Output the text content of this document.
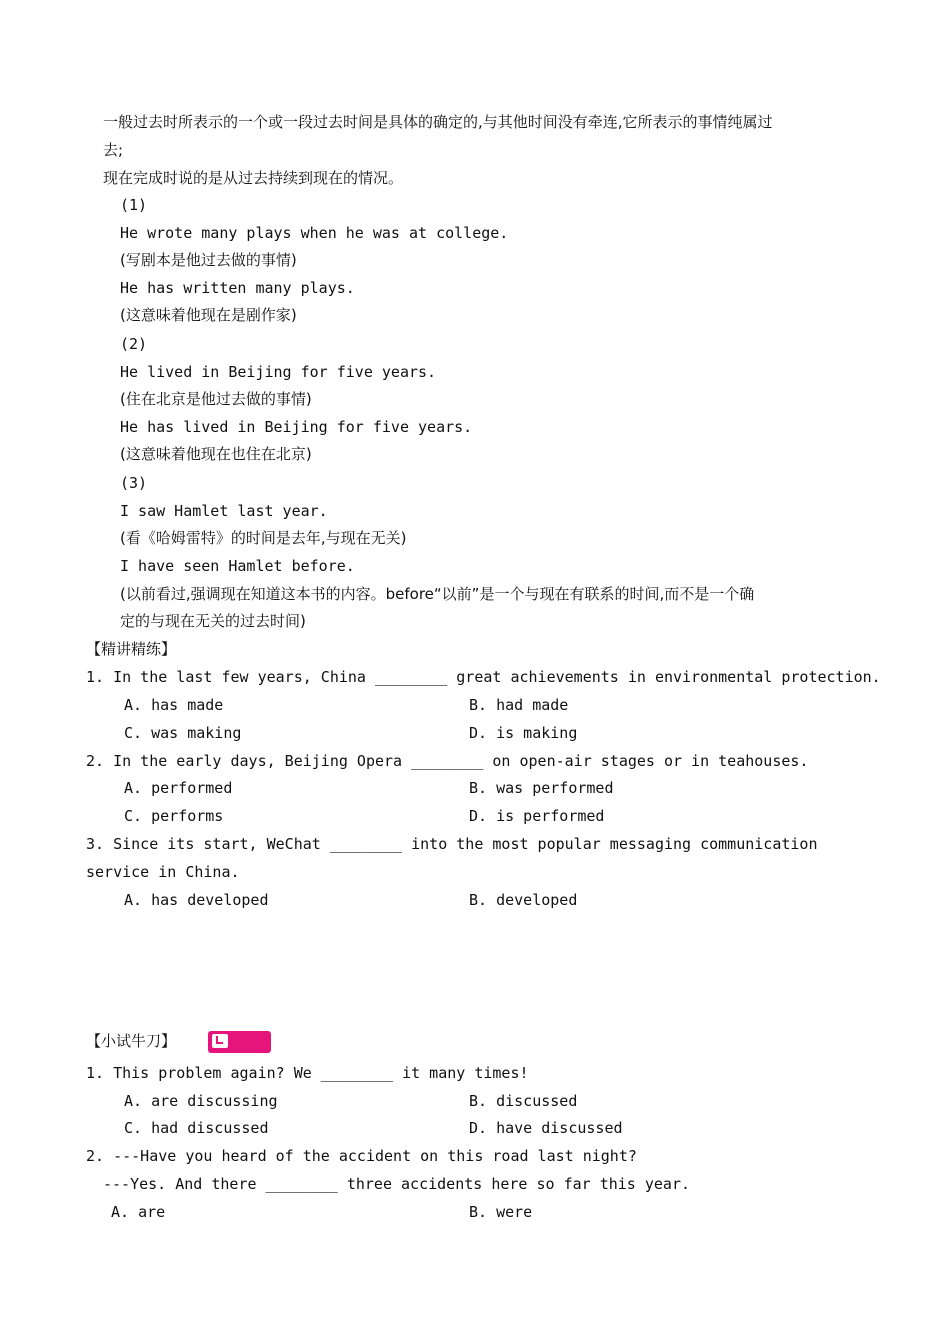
一般过去时所表示的一个或一段过去时间是具体的确定的,与其他时间没有牵连,它所表示的事情纯属过
去;
现在完成时说的是从过去持续到现在的情况。
(1)
He wrote many plays when he was at college.
(写剧本是他过去做的事情)
He has written many plays.
(这意味着他现在是剧作家)
(2)
He lived in Beijing for five years.
(住在北京是他过去做的事情)
He has lived in Beijing for five years.
(这意味着他现在也住在北京)
(3)
I saw Hamlet last year.
(看《哈姆雷特》的时间是去年,与现在无关)
I have seen Hamlet before.
(以前看过,强调现在知道这本书的内容。before“以前”是一个与现在有联系的时间,而不是一个确
定的与现在无关的过去时间)
【精讲精练】
1. In the last few years, China ________ great achievements in environmental protection.
A. has made	B. had made
C. was making	D. is making
2. In the early days, Beijing Opera ________ on open-air stages or in teahouses.
A. performed	B. was performed
C. performs	D. is performed
3. Since its start, WeChat ________ into the most popular messaging communication
service in China.
A. has developed	B. developed
【小试牛刀】
1. This problem again? We ________ it many times!
A. are discussing	B. discussed
C. had discussed	D. have discussed
2. ---Have you heard of the accident on this road last night?
---Yes. And there ________ three accidents here so far this year.
A. are	B. were
